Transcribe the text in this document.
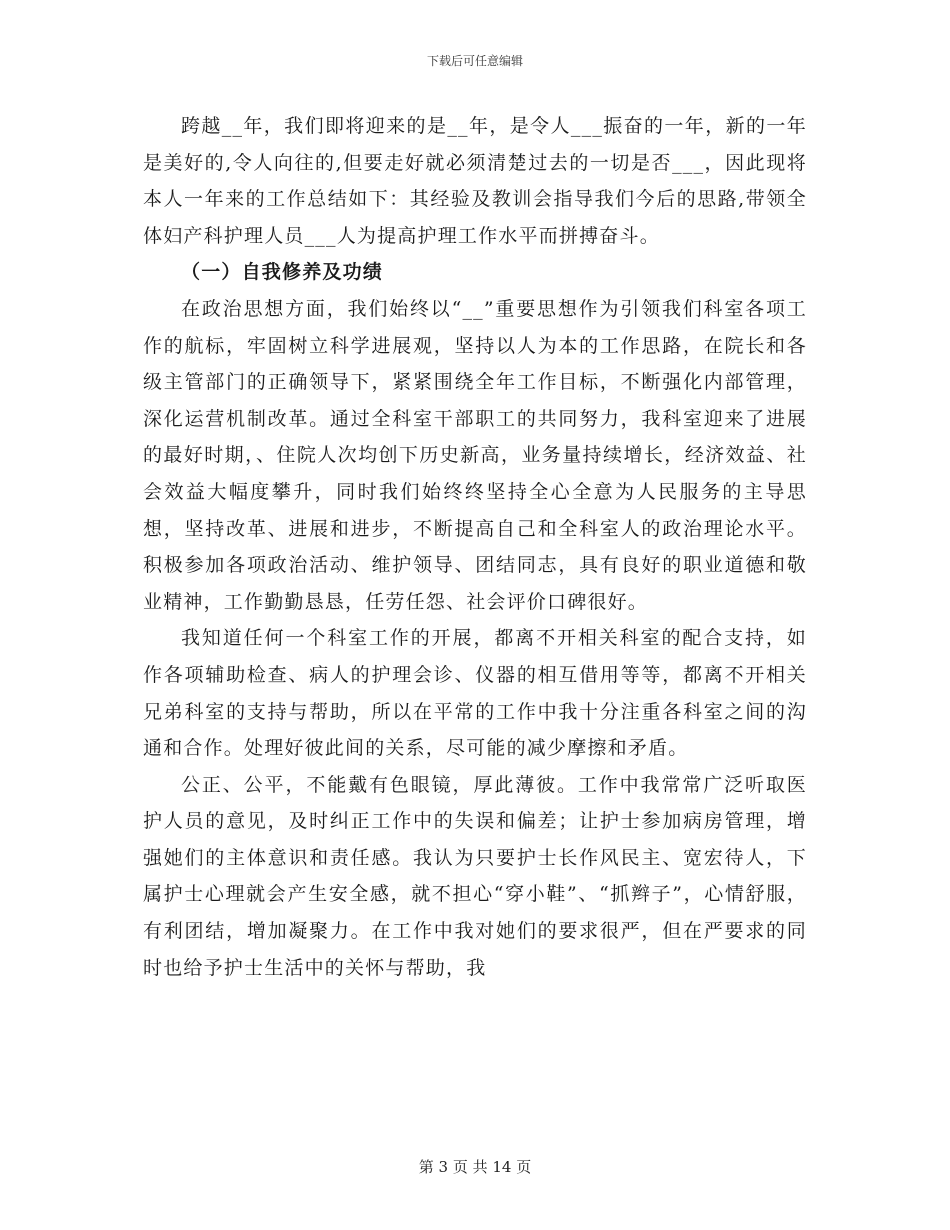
下载后可任意编辑

跨越__年，我们即将迎来的是__年，是令人___振奋的一年，新的一年是美好的,令人向往的,但要走好就必须清楚过去的一切是否___，因此现将本人一年来的工作总结如下：其经验及教训会指导我们今后的思路,带领全体妇产科护理人员___人为提高护理工作水平而拼搏奋斗。

（一）自我修养及功绩

在政治思想方面，我们始终以“__”重要思想作为引领我们科室各项工作的航标，牢固树立科学进展观，坚持以人为本的工作思路，在院长和各级主管部门的正确领导下，紧紧围绕全年工作目标，不断强化内部管理，深化运营机制改革。通过全科室干部职工的共同努力，我科室迎来了进展的最好时期，、住院人次均创下历史新高，业务量持续增长，经济效益、社会效益大幅度攀升，同时我们始终终坚持全心全意为人民服务的主导思想，坚持改革、进展和进步，不断提高自己和全科室人的政治理论水平。积极参加各项政治活动、维护领导、团结同志，具有良好的职业道德和敬业精神，工作勤勤恳恳，任劳任怨、社会评价口碑很好。

我知道任何一个科室工作的开展，都离不开相关科室的配合支持，如作各项辅助检查、病人的护理会诊、仪器的相互借用等等，都离不开相关兄弟科室的支持与帮助，所以在平常的工作中我十分注重各科室之间的沟通和合作。处理好彼此间的关系，尽可能的减少摩擦和矛盾。

公正、公平，不能戴有色眼镜，厚此薄彼。工作中我常常广泛听取医护人员的意见，及时纠正工作中的失误和偏差；让护士参加病房管理，增强她们的主体意识和责任感。我认为只要护士长作风民主、宽宏待人，下属护士心理就会产生安全感，就不担心“穿小鞋”、“抓辫子”，心情舒服，有利团结，增加凝聚力。在工作中我对她们的要求很严，但在严要求的同时也给予护士生活中的关怀与帮助，我

第 3 页 共 14 页
